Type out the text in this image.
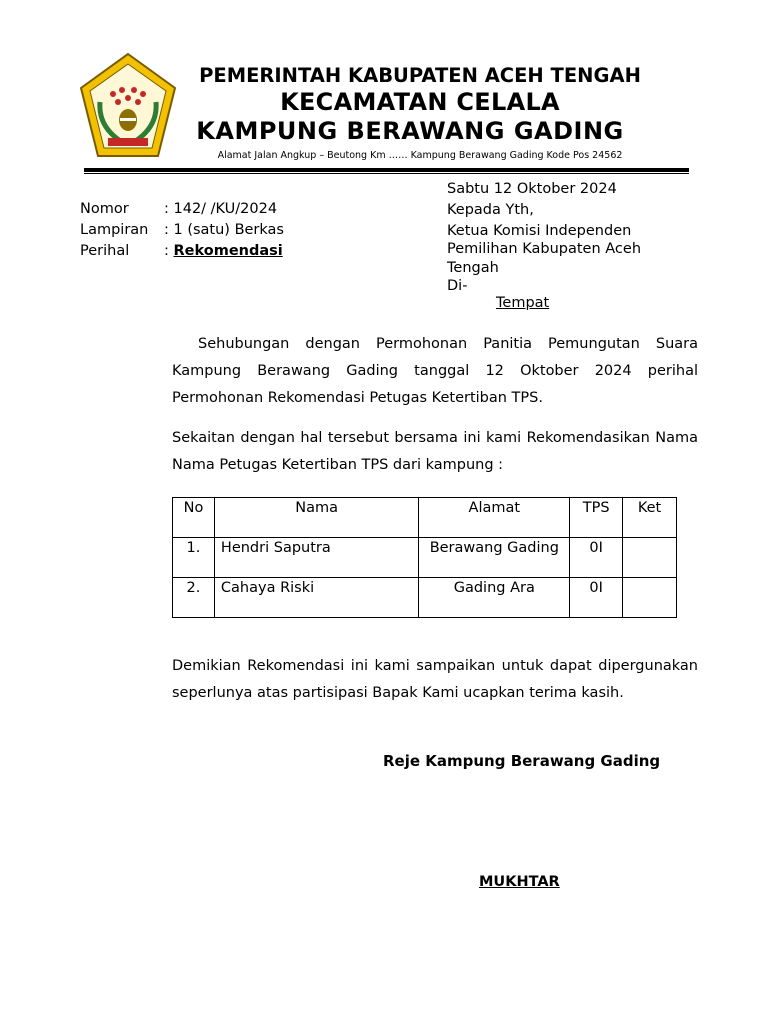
PEMERINTAH KABUPATEN ACEH TENGAH
KECAMATAN CELALA
KAMPUNG BERAWANG GADING
Alamat Jalan Angkup – Beutong Km …… Kampung Berawang Gading Kode Pos 24562
Nomor	: 142/ /KU/2024
Lampiran	: 1 (satu) Berkas
Perihal	: Rekomendasi
Sabtu 12 Oktober 2024
Kepada Yth,
Ketua Komisi Independen
Pemilihan Kabupaten Aceh
Tengah
Di-
Tempat
Sehubungan dengan Permohonan Panitia Pemungutan Suara Kampung Berawang Gading tanggal 12 Oktober 2024 perihal Permohonan Rekomendasi Petugas Ketertiban TPS.
Sekaitan dengan hal tersebut bersama ini kami Rekomendasikan Nama Nama Petugas Ketertiban TPS dari kampung :
No	Nama	Alamat	TPS	Ket
1.	Hendri Saputra	Berawang Gading	0I	
2.	Cahaya Riski	Gading Ara	0I	
Demikian Rekomendasi ini kami sampaikan untuk dapat dipergunakan seperlunya atas partisipasi Bapak Kami ucapkan terima kasih.
Reje Kampung Berawang Gading
MUKHTAR
